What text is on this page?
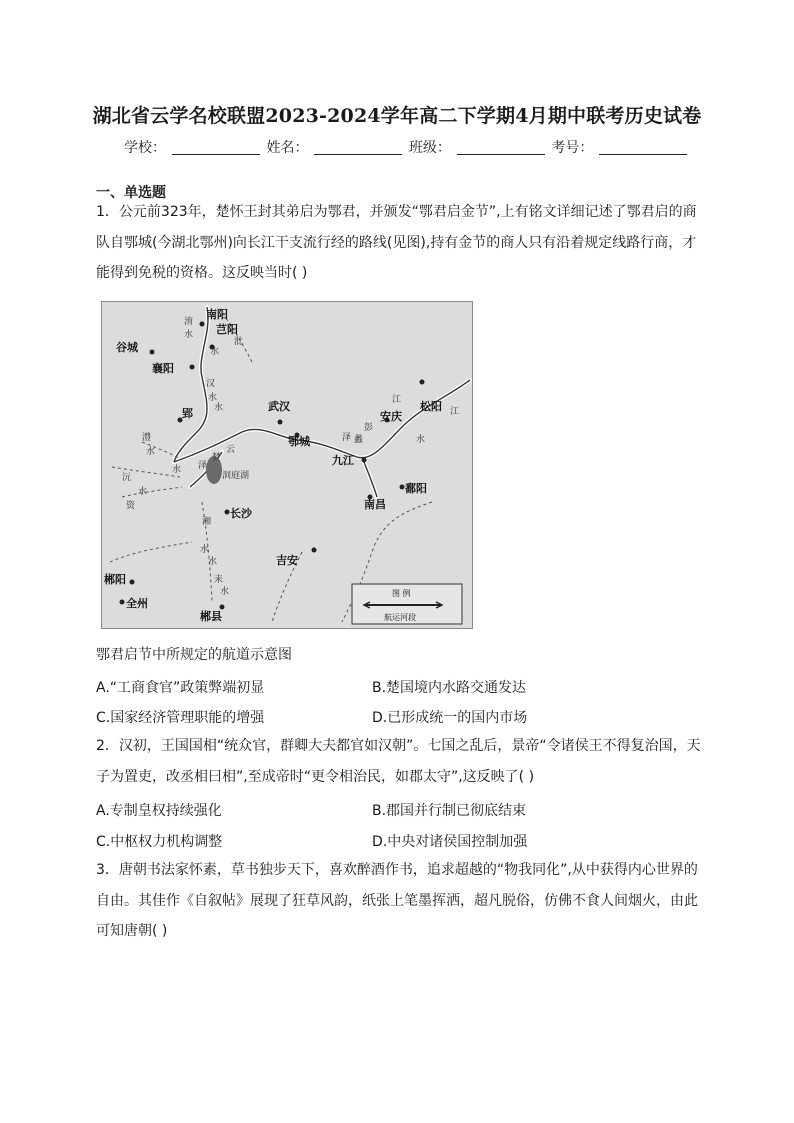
湖北省云学名校联盟2023-2024学年高二下学期4月期中联考历史试卷
学校：	姓名：	班级：	考号：
一、单选题
1．公元前323年，楚怀王封其弟启为鄂君，并颁发“鄂君启金节”,上有铭文详细记述了鄂君启的商队自鄂城(今湖北鄂州)向长江干支流行经的路线(见图),持有金节的商人只有沿着规定线路行商，才能得到免税的资格。这反映当时( )
南阳
芑阳
谷城
襄阳
郢
武汉
鄂城
安庆
松阳
九江
鄱阳
南昌
长沙
吉安
郴阳
全州
郴县
淯
水
沘
水
汉
水
水	江
澧
水	云
梦
泽
水
洞庭湖
沅
水
资
湘
水
水
耒
水
泽
彭
蠡	水
江
图 例
航运河段
鄂君启节中所规定的航道示意图
A.“工商食官”政策弊端初显	B.楚国境内水路交通发达
C.国家经济管理职能的增强	D.已形成统一的国内市场
2．汉初，王国国相“统众官，群卿大夫都官如汉朝”。七国之乱后，景帝“令诸侯王不得复治国，天子为置吏，改丞相曰相”,至成帝时“更令相治民，如郡太守”,这反映了( )
A.专制皇权持续强化	B.郡国并行制已彻底结束
C.中枢权力机构调整	D.中央对诸侯国控制加强
3．唐朝书法家怀素，草书独步天下，喜欢醉酒作书，追求超越的“物我同化”,从中获得内心世界的自由。其佳作《自叙帖》展现了狂草风韵，纸张上笔墨挥洒，超凡脱俗，仿佛不食人间烟火，由此可知唐朝( )
